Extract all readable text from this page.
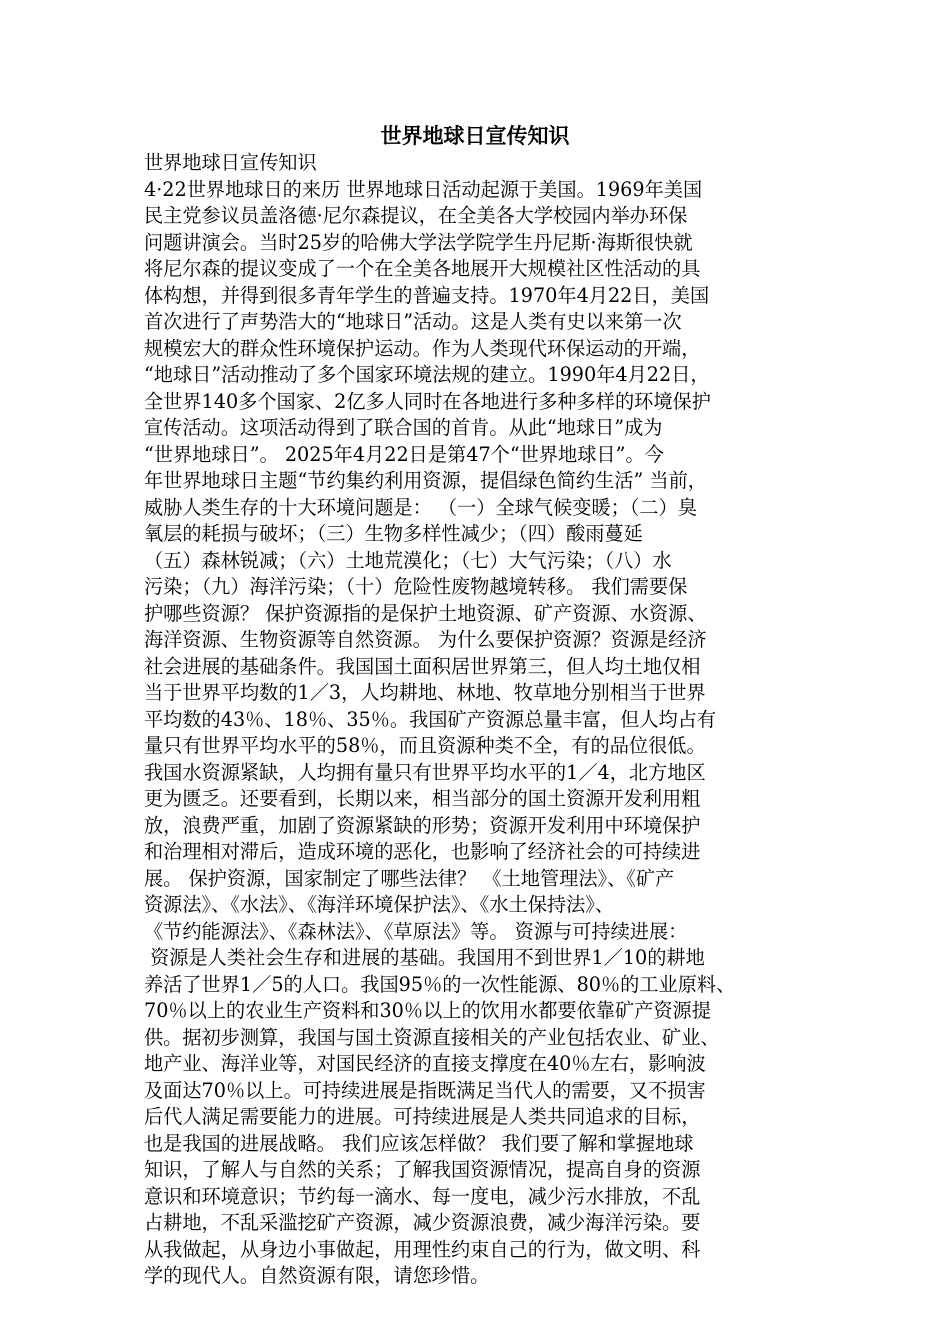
世界地球日宣传知识
世界地球日宣传知识
4·22世界地球日的来历 世界地球日活动起源于美国。1969年美国
民主党参议员盖洛德·尼尔森提议，在全美各大学校园内举办环保
问题讲演会。当时25岁的哈佛大学法学院学生丹尼斯·海斯很快就
将尼尔森的提议变成了一个在全美各地展开大规模社区性活动的具
体构想，并得到很多青年学生的普遍支持。1970年4月22日，美国
首次进行了声势浩大的“地球日”活动。这是人类有史以来第一次
规模宏大的群众性环境保护运动。作为人类现代环保运动的开端，
“地球日”活动推动了多个国家环境法规的建立。1990年4月22日，
全世界140多个国家、2亿多人同时在各地进行多种多样的环境保护
宣传活动。这项活动得到了联合国的首肯。从此“地球日”成为
“世界地球日”。 2025年4月22日是第47个“世界地球日”。今
年世界地球日主题“节约集约利用资源，提倡绿色简约生活” 当前，
威胁人类生存的十大环境问题是： （一）全球气候变暖；（二）臭
氧层的耗损与破坏；（三）生物多样性减少；（四）酸雨蔓延
（五）森林锐减；（六）土地荒漠化；（七）大气污染；（八）水
污染；（九）海洋污染；（十）危险性废物越境转移。 我们需要保
护哪些资源？ 保护资源指的是保护土地资源、矿产资源、水资源、
海洋资源、生物资源等自然资源。 为什么要保护资源？资源是经济
社会进展的基础条件。我国国土面积居世界第三，但人均土地仅相
当于世界平均数的1／3，人均耕地、林地、牧草地分别相当于世界
平均数的43％、18％、35％。我国矿产资源总量丰富，但人均占有
量只有世界平均水平的58％，而且资源种类不全，有的品位很低。
我国水资源紧缺，人均拥有量只有世界平均水平的1／4，北方地区
更为匮乏。还要看到，长期以来，相当部分的国土资源开发利用粗
放，浪费严重，加剧了资源紧缺的形势；资源开发利用中环境保护
和治理相对滞后，造成环境的恶化，也影响了经济社会的可持续进
展。 保护资源，国家制定了哪些法律？ 《土地管理法》、《矿产
资源法》、《水法》、《海洋环境保护法》、《水土保持法》、
《节约能源法》、《森林法》、《草原法》等。 资源与可持续进展：
资源是人类社会生存和进展的基础。我国用不到世界1／10的耕地
养活了世界1／5的人口。我国95％的一次性能源、80％的工业原料、
70％以上的农业生产资料和30％以上的饮用水都要依靠矿产资源提
供。据初步测算，我国与国土资源直接相关的产业包括农业、矿业、
地产业、海洋业等，对国民经济的直接支撑度在40％左右，影响波
及面达70％以上。可持续进展是指既满足当代人的需要，又不损害
后代人满足需要能力的进展。可持续进展是人类共同追求的目标，
也是我国的进展战略。 我们应该怎样做？ 我们要了解和掌握地球
知识，了解人与自然的关系；了解我国资源情况，提高自身的资源
意识和环境意识；节约每一滴水、每一度电，减少污水排放，不乱
占耕地，不乱采滥挖矿产资源，减少资源浪费，减少海洋污染。要
从我做起，从身边小事做起，用理性约束自己的行为，做文明、科
学的现代人。自然资源有限，请您珍惜。
